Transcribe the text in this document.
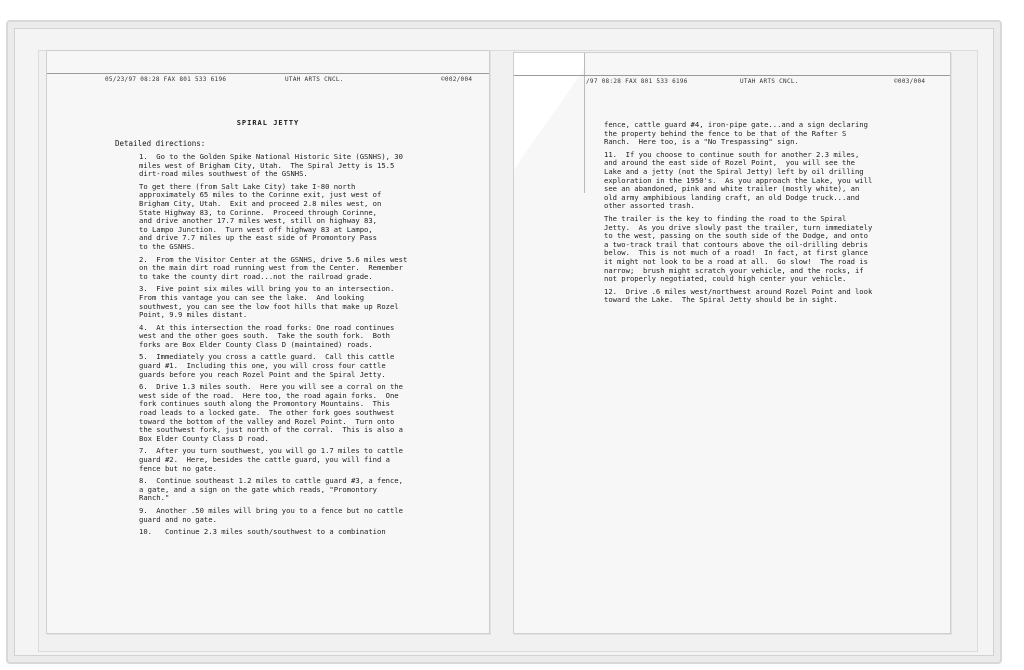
05/23/97 08:28 FAX 801 533 6196	UTAH ARTS CNCL.	©002/004
SPIRAL JETTY
Detailed directions:

1.  Go to the Golden Spike National Historic Site (GSNHS), 30
miles west of Brigham City, Utah.  The Spiral Jetty is 15.5
dirt-road miles southwest of the GSNHS.

To get there (from Salt Lake City) take I-80 north
approximately 65 miles to the Corinne exit, just west of
Brigham City, Utah.  Exit and proceed 2.8 miles west, on
State Highway 83, to Corinne.  Proceed through Corinne,
and drive another 17.7 miles west, still on highway 83,
to Lampo Junction.  Turn west off highway 83 at Lampo,
and drive 7.7 miles up the east side of Promontory Pass
to the GSNHS.

2.  From the Visitor Center at the GSNHS, drive 5.6 miles west
on the main dirt road running west from the Center.  Remember
to take the county dirt road...not the railroad grade.

3.  Five point six miles will bring you to an intersection.
From this vantage you can see the lake.  And looking
southwest, you can see the low foot hills that make up Rozel
Point, 9.9 miles distant.

4.  At this intersection the road forks: One road continues
west and the other goes south.  Take the south fork.  Both
forks are Box Elder County Class D (maintained) roads.

5.  Immediately you cross a cattle guard.  Call this cattle
guard #1.  Including this one, you will cross four cattle
guards before you reach Rozel Point and the Spiral Jetty.

6.  Drive 1.3 miles south.  Here you will see a corral on the
west side of the road.  Here too, the road again forks.  One
fork continues south along the Promontory Mountains.  This
road leads to a locked gate.  The other fork goes southwest
toward the bottom of the valley and Rozel Point.  Turn onto
the southwest fork, just north of the corral.  This is also a
Box Elder County Class D road.

7.  After you turn southwest, you will go 1.7 miles to cattle
guard #2.  Here, besides the cattle guard, you will find a
fence but no gate.

8.  Continue southeast 1.2 miles to cattle guard #3, a fence,
a gate, and a sign on the gate which reads, "Promontory
Ranch."

9.  Another .50 miles will bring you to a fence but no cattle
guard and no gate.

10.   Continue 2.3 miles south/southwest to a combination

/97 08:28 FAX 801 533 6196	UTAH ARTS CNCL.	©003/004

fence, cattle guard #4, iron-pipe gate...and a sign declaring
the property behind the fence to be that of the Rafter S
Ranch.  Here too, is a "No Trespassing" sign.

11.  If you choose to continue south for another 2.3 miles,
and around the east side of Rozel Point,  you will see the
Lake and a jetty (not the Spiral Jetty) left by oil drilling
exploration in the 1950's.  As you approach the Lake, you will
see an abandoned, pink and white trailer (mostly white), an
old army amphibious landing craft, an old Dodge truck...and
other assorted trash.

The trailer is the key to finding the road to the Spiral
Jetty.  As you drive slowly past the trailer, turn immediately
to the west, passing on the south side of the Dodge, and onto
a two-track trail that contours above the oil-drilling debris
below.  This is not much of a road!  In fact, at first glance
it might not look to be a road at all.  Go slow!  The road is
narrow;  brush might scratch your vehicle, and the rocks, if
not properly negotiated, could high center your vehicle.

12.  Drive .6 miles west/northwest around Rozel Point and look
toward the Lake.  The Spiral Jetty should be in sight.
